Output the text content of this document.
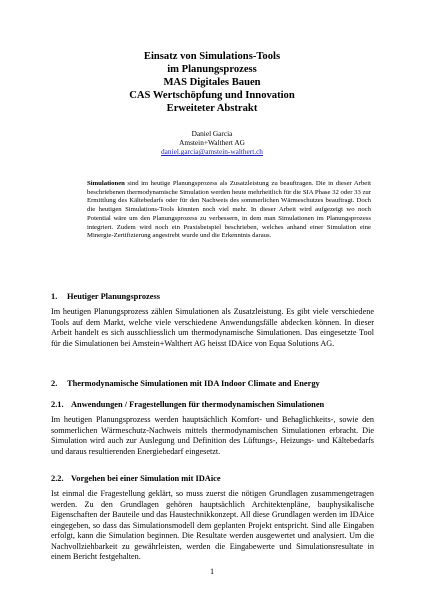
Einsatz von Simulations-Tools
im Planungsprozess
MAS Digitales Bauen
CAS Wertschöpfung und Innovation
Erweiteter Abstrakt
Daniel Garcia
Amstein+Walthert AG
daniel.garcia@amstein-walthert.ch
Simulationen sind im heutige Planungsprozess als Zusatzleistung zu beauftragen. Die in dieser Arbeit beschriebenen thermodynamische Simulation werden heute mehrheitlich für die SIA Phase 32 oder 33 zur Ermittlung des Kältebedarfs oder für den Nachweis des sommerlichen Wärmeschutzes beauftragt. Doch die heutigen Simulations-Tools könnten noch viel mehr. In dieser Arbeit wird aufgezeigt wo noch Potential wäre um den Planungsprozess zu verbessern, in dem man Simulationen im Planungsprozess integriert. Zudem wird noch ein Praxisbeispiel beschrieben, welches anhand einer Simulation eine Minergie-Zertifizierung angestrebt wurde und die Erkenntnis daraus.
1. Heutiger Planungsprozess
Im heutigen Planungsprozess zählen Simulationen als Zusatzleistung. Es gibt viele verschiedene Tools auf dem Markt, welche viele verschiedene Anwendungsfälle abdecken können. In dieser Arbeit handelt es sich ausschliesslich um thermodynamische Simulationen. Das eingesetzte Tool für die Simulationen bei Amstein+Walthert AG heisst IDAice von Equa Solutions AG.
2. Thermodynamische Simulationen mit IDA Indoor Climate and Energy
2.1. Anwendungen / Fragestellungen für thermodynamischen Simulationen
Im heutigen Planungsprozess werden hauptsächlich Komfort- und Behaglichkeits-, sowie den sommerlichen Wärmeschutz-Nachweis mittels thermodynamischen Simulationen erbracht. Die Simulation wird auch zur Auslegung und Definition des Lüftungs-, Heizungs- und Kältebedarfs und daraus resultierenden Energiebedarf eingesetzt.
2.2. Vorgehen bei einer Simulation mit IDAice
Ist einmal die Fragestellung geklärt, so muss zuerst die nötigen Grundlagen zusammengetragen werden. Zu den Grundlagen gehören hauptsächlich Architektenpläne, bauphysikalische Eigenschaften der Bauteile und das Haustechnikkonzept. All diese Grundlagen werden im IDAice eingegeben, so dass das Simulationsmodell dem geplanten Projekt entspricht. Sind alle Eingaben erfolgt, kann die Simulation beginnen. Die Resultate werden ausgewertet und analysiert. Um die Nachvollziehbarkeit zu gewährleisten, werden die Eingabewerte und Simulationsresultate in einem Bericht festgehalten.
1
